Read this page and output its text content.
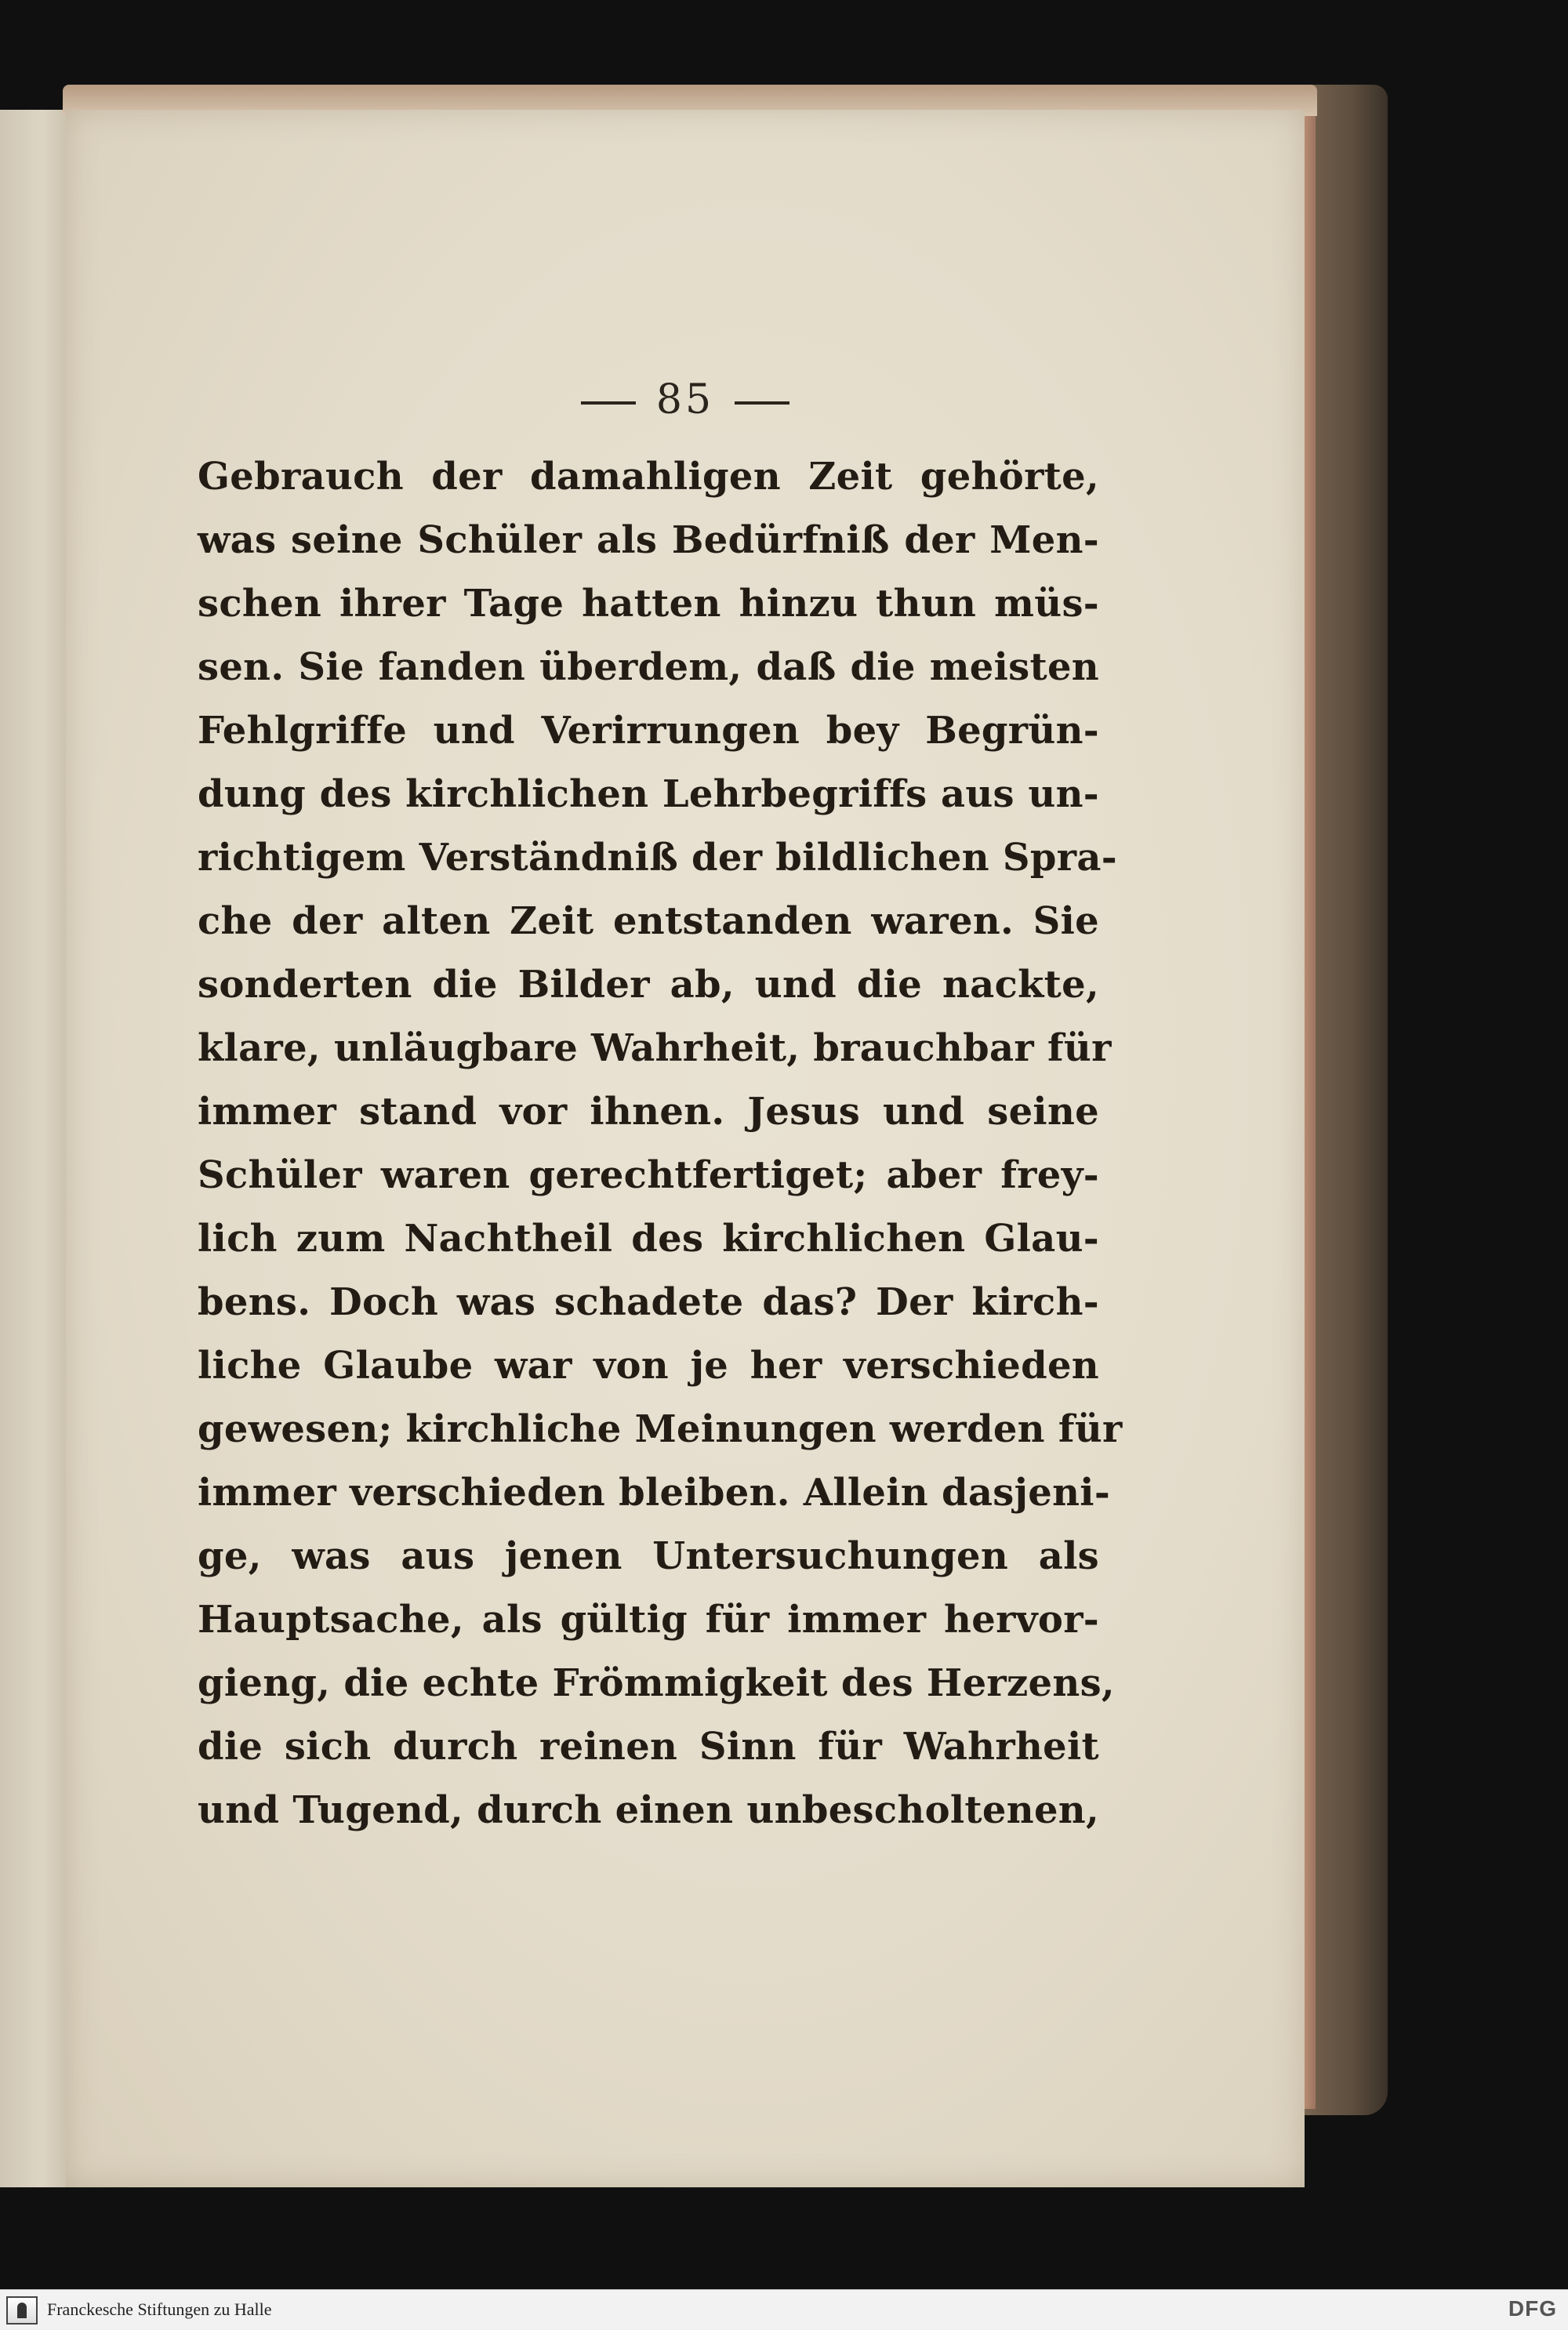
85
Gebrauch der damahligen Zeit gehörte,
was seine Schüler als Bedürfniß der Men-
schen ihrer Tage hatten hinzu thun müs-
sen. Sie fanden überdem, daß die meisten
Fehlgriffe und Verirrungen bey Begrün-
dung des kirchlichen Lehrbegriffs aus un-
richtigem Verständniß der bildlichen Spra-
che der alten Zeit entstanden waren. Sie
sonderten die Bilder ab, und die nackte,
klare, unläugbare Wahrheit, brauchbar für
immer stand vor ihnen. Jesus und seine
Schüler waren gerechtfertiget; aber frey-
lich zum Nachtheil des kirchlichen Glau-
bens. Doch was schadete das? Der kirch-
liche Glaube war von je her verschieden
gewesen; kirchliche Meinungen werden für
immer verschieden bleiben. Allein dasjeni-
ge, was aus jenen Untersuchungen als
Hauptsache, als gültig für immer hervor-
gieng, die echte Frömmigkeit des Herzens,
die sich durch reinen Sinn für Wahrheit
und Tugend, durch einen unbescholtenen,
Franckesche Stiftungen zu Halle	DFG
